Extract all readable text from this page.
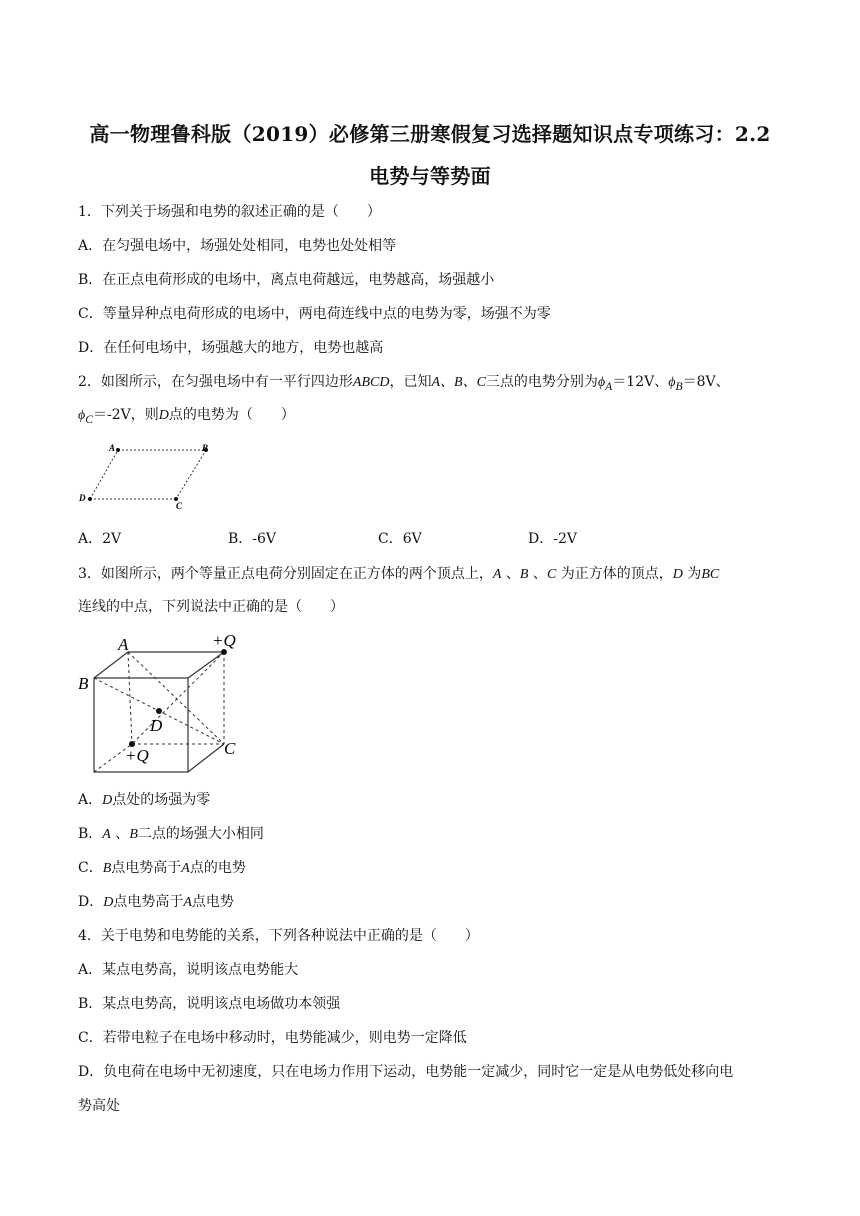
高一物理鲁科版（2019）必修第三册寒假复习选择题知识点专项练习：2.2
电势与等势面
1．下列关于场强和电势的叙述正确的是（　　）
A．在匀强电场中，场强处处相同，电势也处处相等
B．在正点电荷形成的电场中，离点电荷越远，电势越高，场强越小
C．等量异种点电荷形成的电场中，两电荷连线中点的电势为零，场强不为零
D．在任何电场中，场强越大的地方，电势也越高
2．如图所示，在匀强电场中有一平行四边形ABCD，已知A、B、C三点的电势分别为$\phi_A=12V$、$\phi_B=8V$、
$\phi_C=-2V$，则D点的电势为（　　）
A	B
C
D
A．2V	B．-6V	C．6V	D．-2V
3．如图所示，两个等量正点电荷分别固定在正方体的两个顶点上，A 、B 、C 为正方体的顶点，D 为BC
连线的中点，下列说法中正确的是（　　）
A
B
C
D
+Q
+Q
A．D点处的场强为零
B．A 、B二点的场强大小相同
C．B点电势高于A点的电势
D．D点电势高于A点电势
4．关于电势和电势能的关系，下列各种说法中正确的是（　　）
A．某点电势高，说明该点电势能大
B．某点电势高，说明该点电场做功本领强
C．若带电粒子在电场中移动时，电势能减少，则电势一定降低
D．负电荷在电场中无初速度，只在电场力作用下运动，电势能一定减少，同时它一定是从电势低处移向电
势高处
